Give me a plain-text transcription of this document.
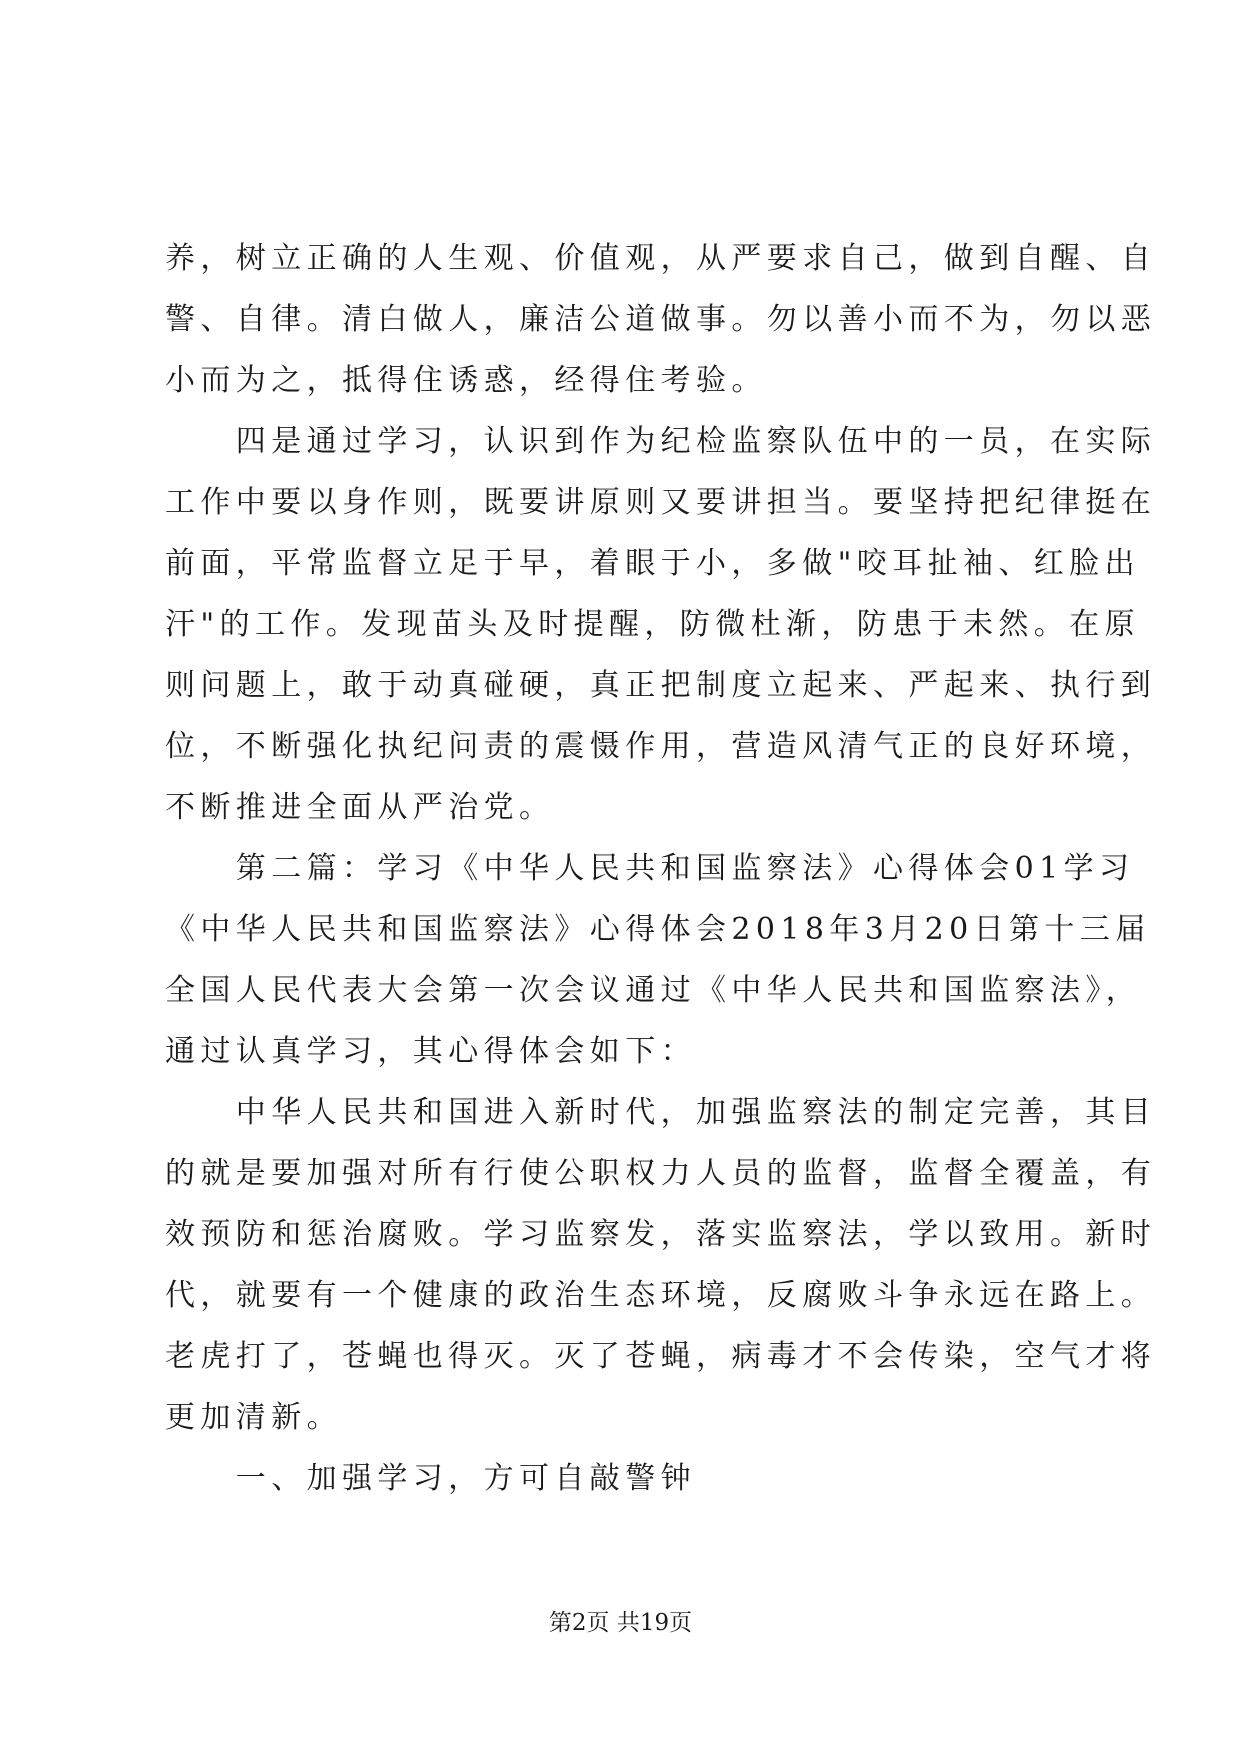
养，树立正确的人生观、价值观，从严要求自己，做到自醒、自
警、自律。清白做人，廉洁公道做事。勿以善小而不为，勿以恶
小而为之，抵得住诱惑，经得住考验。
　　四是通过学习，认识到作为纪检监察队伍中的一员，在实际
工作中要以身作则，既要讲原则又要讲担当。要坚持把纪律挺在
前面，平常监督立足于早，着眼于小，多做"咬耳扯袖、红脸出
汗"的工作。发现苗头及时提醒，防微杜渐，防患于未然。在原
则问题上，敢于动真碰硬，真正把制度立起来、严起来、执行到
位，不断强化执纪问责的震慑作用，营造风清气正的良好环境，
不断推进全面从严治党。
　　第二篇：学习《中华人民共和国监察法》心得体会01学习
《中华人民共和国监察法》心得体会2018年3月20日第十三届
全国人民代表大会第一次会议通过《中华人民共和国监察法》，
通过认真学习，其心得体会如下：
　　中华人民共和国进入新时代，加强监察法的制定完善，其目
的就是要加强对所有行使公职权力人员的监督，监督全覆盖，有
效预防和惩治腐败。学习监察发，落实监察法，学以致用。新时
代，就要有一个健康的政治生态环境，反腐败斗争永远在路上。
老虎打了，苍蝇也得灭。灭了苍蝇，病毒才不会传染，空气才将
更加清新。
　　一、加强学习，方可自敲警钟
第2页 共19页
